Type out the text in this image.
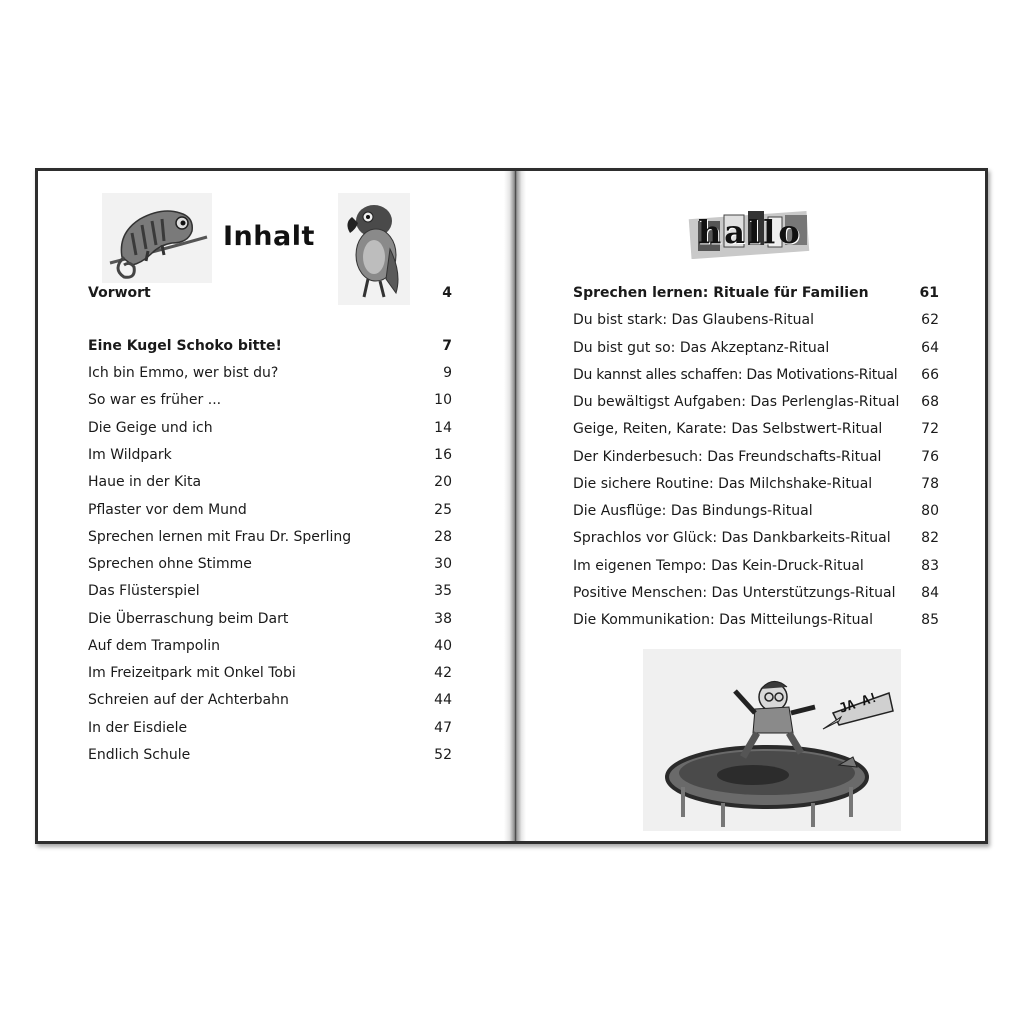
Inhalt
Vorwort	4
Eine Kugel Schoko bitte!	7
Ich bin Emmo, wer bist du?	9
So war es früher ...	10
Die Geige und ich	14
Im Wildpark	16
Haue in der Kita	20
Pflaster vor dem Mund	25
Sprechen lernen mit Frau Dr. Sperling	28
Sprechen ohne Stimme	30
Das Flüsterspiel	35
Die Überraschung beim Dart	38
Auf dem Trampolin	40
Im Freizeitpark mit Onkel Tobi	42
Schreien auf der Achterbahn	44
In der Eisdiele	47
Endlich Schule	52
hallo
Sprechen lernen: Rituale für Familien	61
Du bist stark: Das Glaubens-Ritual	62
Du bist gut so: Das Akzeptanz-Ritual	64
Du kannst alles schaffen: Das Motivations-Ritual 66
Du bewältigst Aufgaben: Das Perlenglas-Ritual 68
Geige, Reiten, Karate: Das Selbstwert-Ritual	72
Der Kinderbesuch: Das Freundschafts-Ritual	76
Die sichere Routine: Das Milchshake-Ritual	78
Die Ausflüge: Das Bindungs-Ritual	80
Sprachlos vor Glück: Das Dankbarkeits-Ritual 82
Im eigenen Tempo: Das Kein-Druck-Ritual	83
Positive Menschen: Das Unterstützungs-Ritual 84
Die Kommunikation: Das Mitteilungs-Ritual	85
JA A!
